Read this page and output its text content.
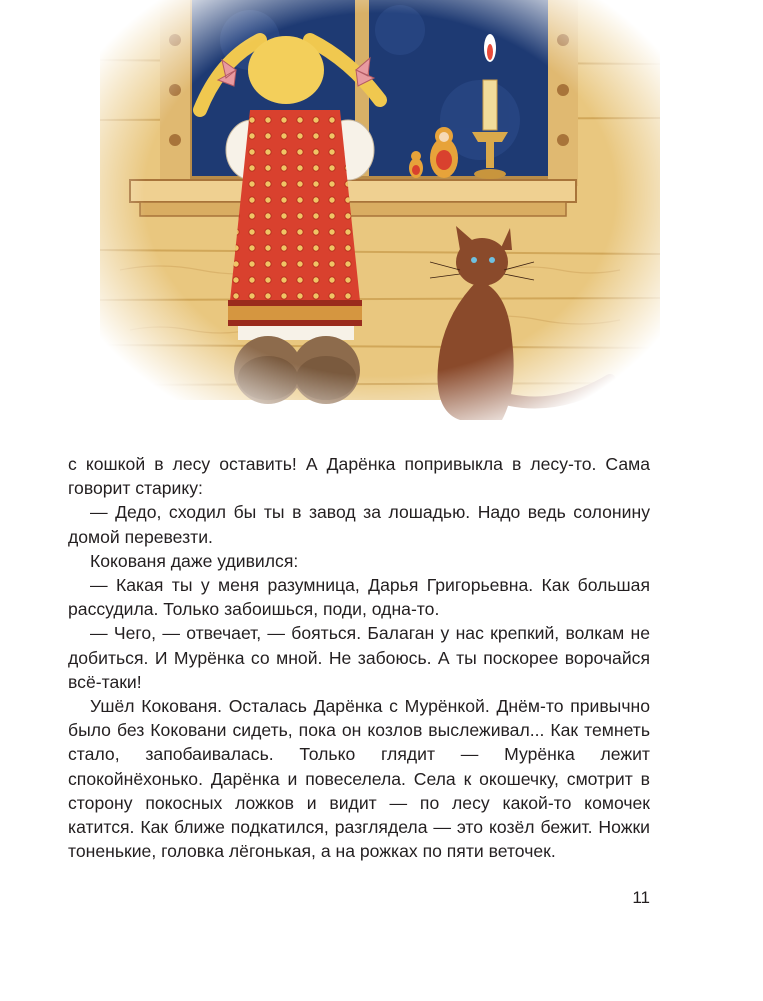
с кошкой в лесу оставить! А Дарёнка попривыкла в лесу-то. Сама говорит старику:

— Дедо, сходил бы ты в завод за лошадью. Надо ведь солонину домой перевезти.

Кокованя даже удивился:

— Какая ты у меня разумница, Дарья Григорьевна. Как большая рассудила. Только забоишься, поди, одна-то.

— Чего, — отвечает, — бояться. Балаган у нас крепкий, волкам не добиться. И Мурёнка со мной. Не забоюсь. А ты поскорее ворочайся всё-таки!

Ушёл Кокованя. Осталась Дарёнка с Мурёнкой. Днём-то привычно было без Коковани сидеть, пока он козлов выслеживал... Как темнеть стало, запобаивалась. Только глядит — Мурёнка лежит спокойнёхонько. Дарёнка и повеселела. Села к окошечку, смотрит в сторону покосных ложков и видит — по лесу какой-то комочек катится. Как ближе подкатился, разглядела — это козёл бежит. Ножки тоненькие, головка лёгонькая, а на рожках по пяти веточек.

11
